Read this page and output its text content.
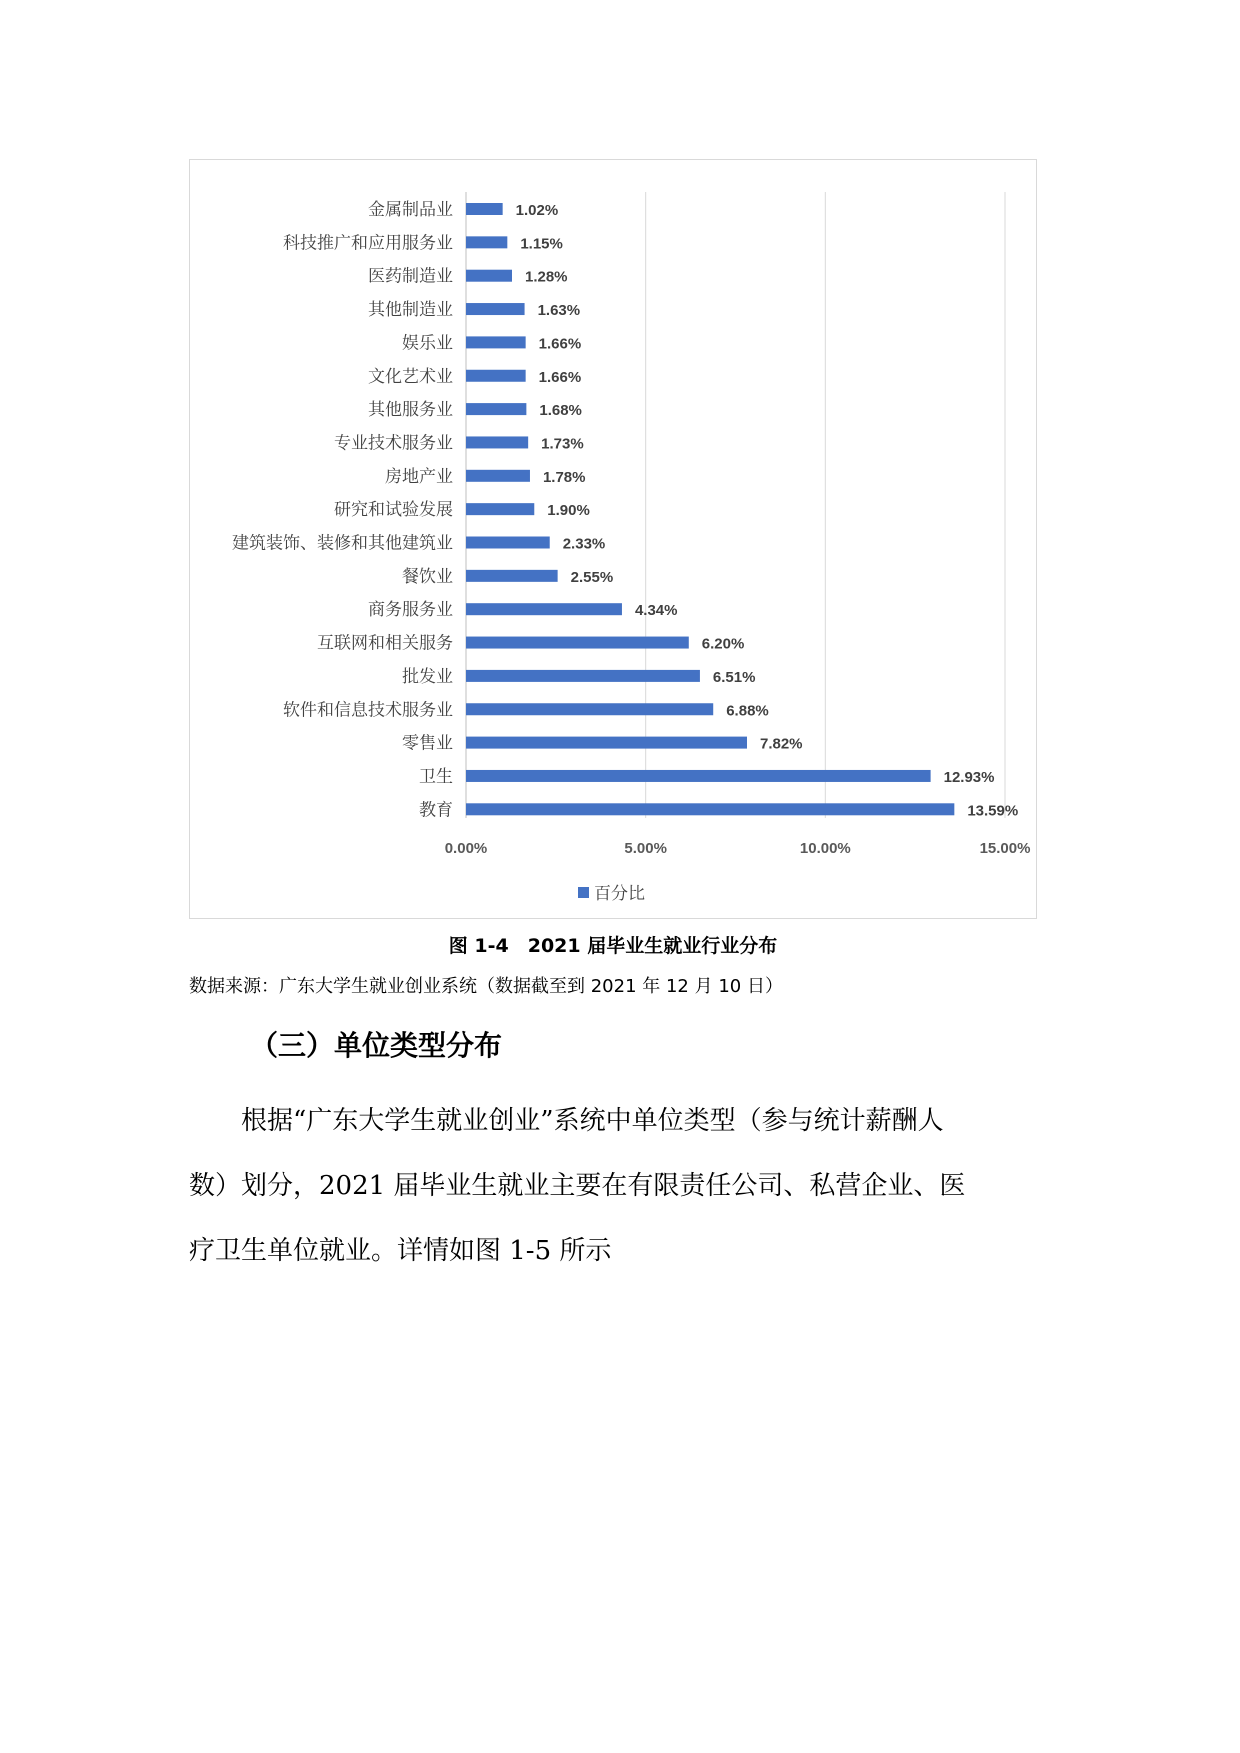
0.00%	5.00%	10.00%	15.00%
金属制品业	1.02%
科技推广和应用服务业	1.15%
医药制造业	1.28%
其他制造业	1.63%
娱乐业	1.66%
文化艺术业	1.66%
其他服务业	1.68%
专业技术服务业	1.73%
房地产业	1.78%
研究和试验发展	1.90%
建筑装饰、装修和其他建筑业	2.33%
餐饮业	2.55%
商务服务业	4.34%
互联网和相关服务	6.20%
批发业	6.51%
软件和信息技术服务业	6.88%
零售业	7.82%
卫生	12.93%
教育	13.59%
百分比

图 1-4　2021 届毕业生就业行业分布

数据来源：广东大学生就业创业系统（数据截至到 2021 年 12 月 10 日）

（三）单位类型分布

　　根据“广东大学生就业创业”系统中单位类型（参与统计薪酬人

数）划分，2021 届毕业生就业主要在有限责任公司、私营企业、医

疗卫生单位就业。详情如图 1-5 所示
